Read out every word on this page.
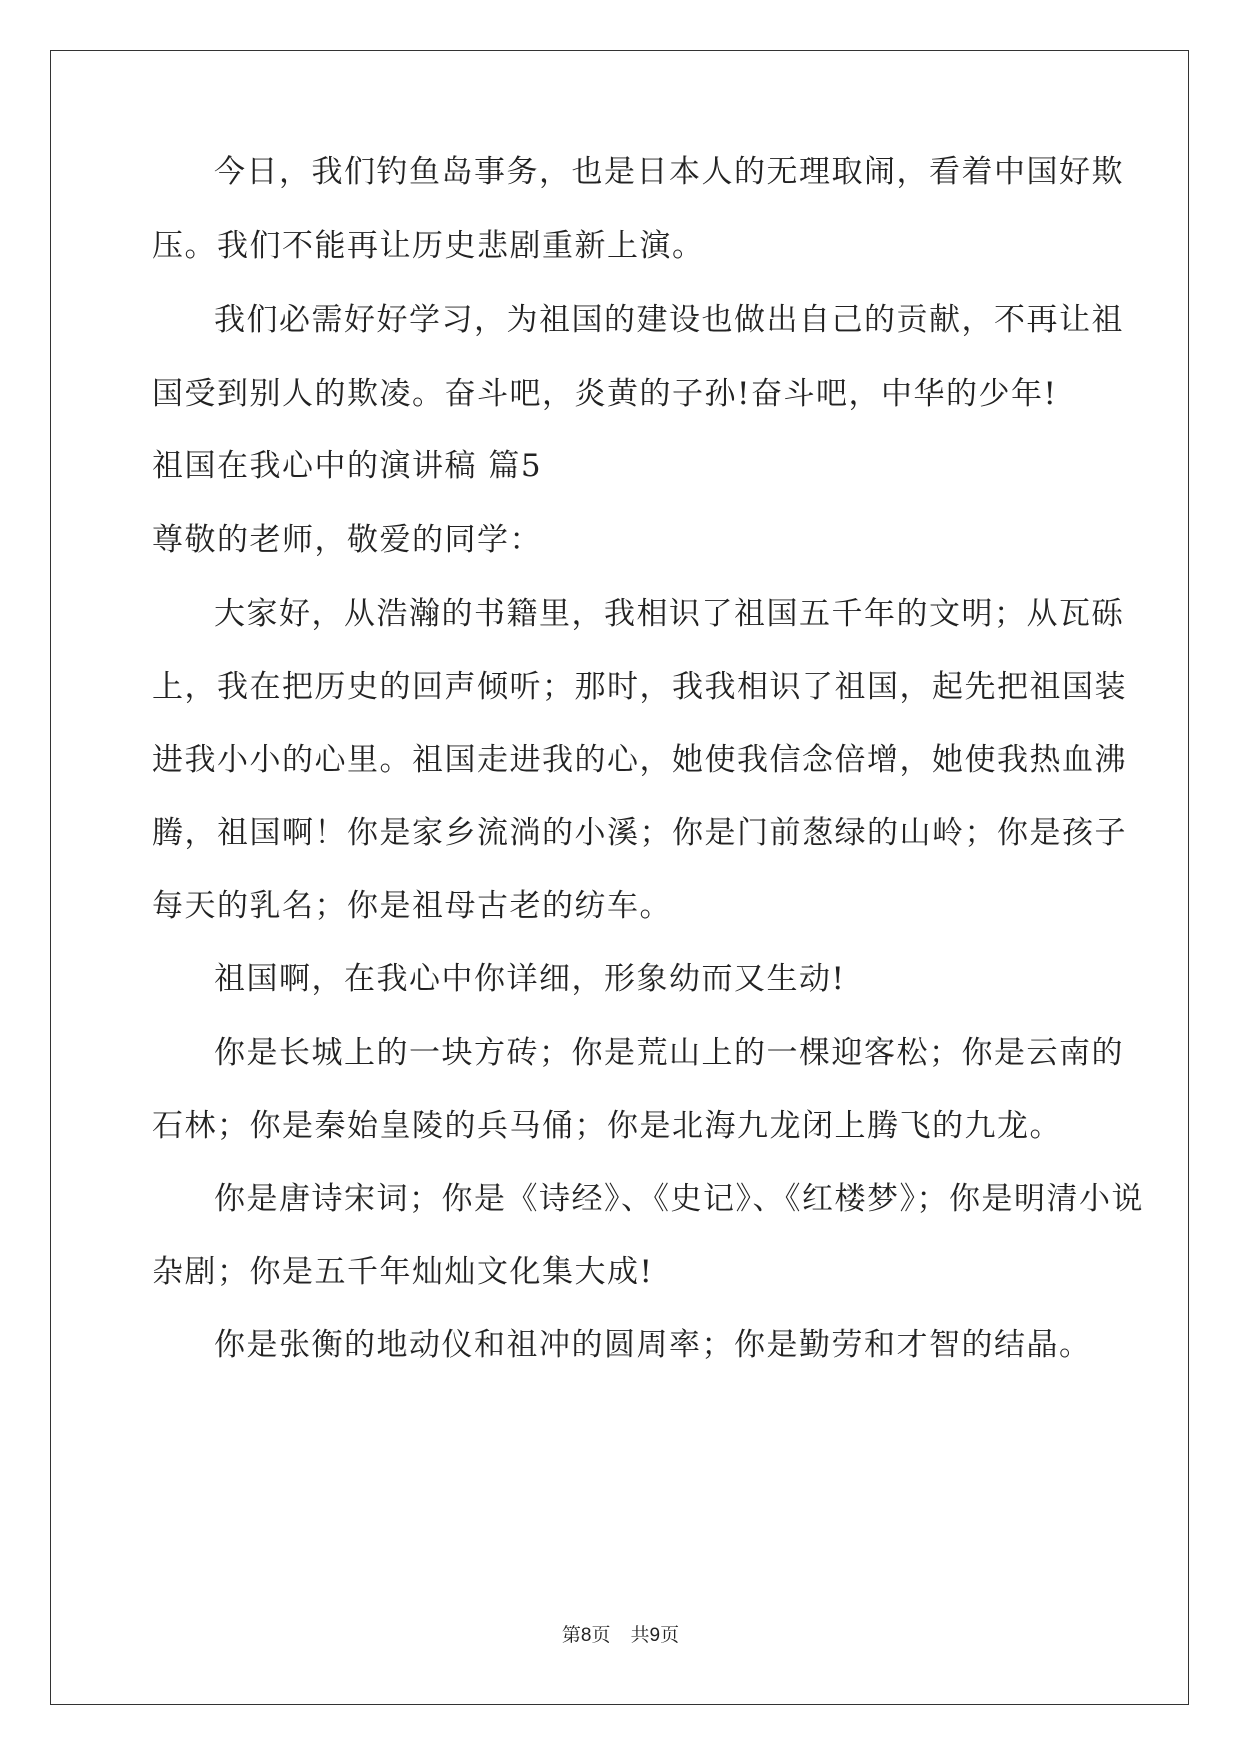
今日，我们钓鱼岛事务，也是日本人的无理取闹，看着中国好欺
压。我们不能再让历史悲剧重新上演。
我们必需好好学习，为祖国的建设也做出自己的贡献，不再让祖
国受到别人的欺凌。奋斗吧，炎黄的子孙!奋斗吧，中华的少年!
祖国在我心中的演讲稿 篇5
尊敬的老师，敬爱的同学：
大家好，从浩瀚的书籍里，我相识了祖国五千年的文明；从瓦砾
上，我在把历史的回声倾听；那时，我我相识了祖国，起先把祖国装
进我小小的心里。祖国走进我的心，她使我信念倍增，她使我热血沸
腾，祖国啊！你是家乡流淌的小溪；你是门前葱绿的山岭；你是孩子
每天的乳名；你是祖母古老的纺车。
祖国啊，在我心中你详细，形象幼而又生动!
你是长城上的一块方砖；你是荒山上的一棵迎客松；你是云南的
石林；你是秦始皇陵的兵马俑；你是北海九龙闭上腾飞的九龙。
你是唐诗宋词；你是《诗经》、《史记》、《红楼梦》；你是明清小说
杂剧；你是五千年灿灿文化集大成!
你是张衡的地动仪和祖冲的圆周率；你是勤劳和才智的结晶。
第8页 共9页
